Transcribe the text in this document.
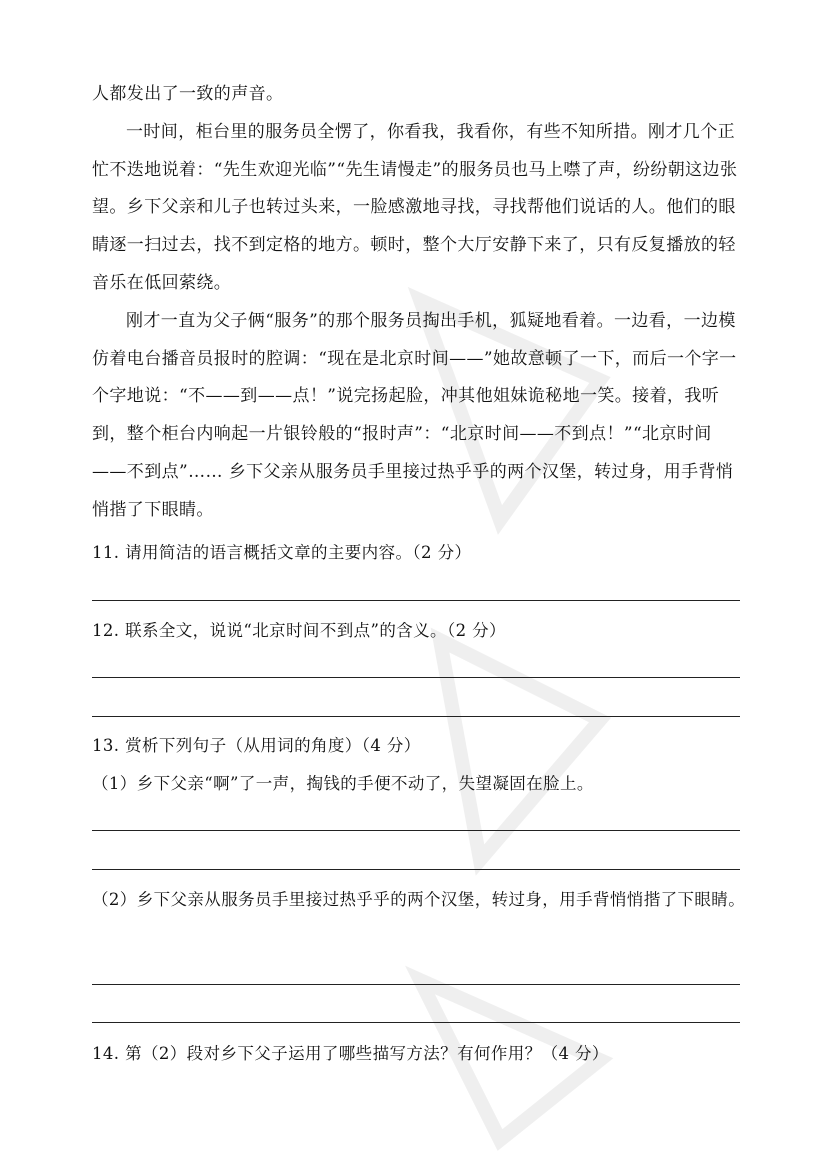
人都发出了一致的声音。

一时间，柜台里的服务员全愣了，你看我，我看你，有些不知所措。刚才几个正忙不迭地说着：“先生欢迎光临”“先生请慢走”的服务员也马上噤了声，纷纷朝这边张望。乡下父亲和儿子也转过头来，一脸感激地寻找，寻找帮他们说话的人。他们的眼睛逐一扫过去，找不到定格的地方。顿时，整个大厅安静下来了，只有反复播放的轻音乐在低回萦绕。

刚才一直为父子俩“服务”的那个服务员掏出手机，狐疑地看着。一边看，一边模仿着电台播音员报时的腔调：“现在是北京时间——”她故意顿了一下，而后一个字一个字地说：“不——到——点！”说完扬起脸，冲其他姐妹诡秘地一笑。接着，我听到，整个柜台内响起一片银铃般的“报时声”：“北京时间——不到点！”“北京时间——不到点”…… 乡下父亲从服务员手里接过热乎乎的两个汉堡，转过身，用手背悄悄揩了下眼睛。

11. 请用简洁的语言概括文章的主要内容。（2 分）

12. 联系全文，说说“北京时间不到点”的含义。（2 分）

13. 赏析下列句子（从用词的角度）（4 分）

（1）乡下父亲“啊”了一声，掏钱的手便不动了，失望凝固在脸上。

（2）乡下父亲从服务员手里接过热乎乎的两个汉堡，转过身，用手背悄悄揩了下眼睛。

14. 第（2）段对乡下父子运用了哪些描写方法？有何作用？（4 分）
